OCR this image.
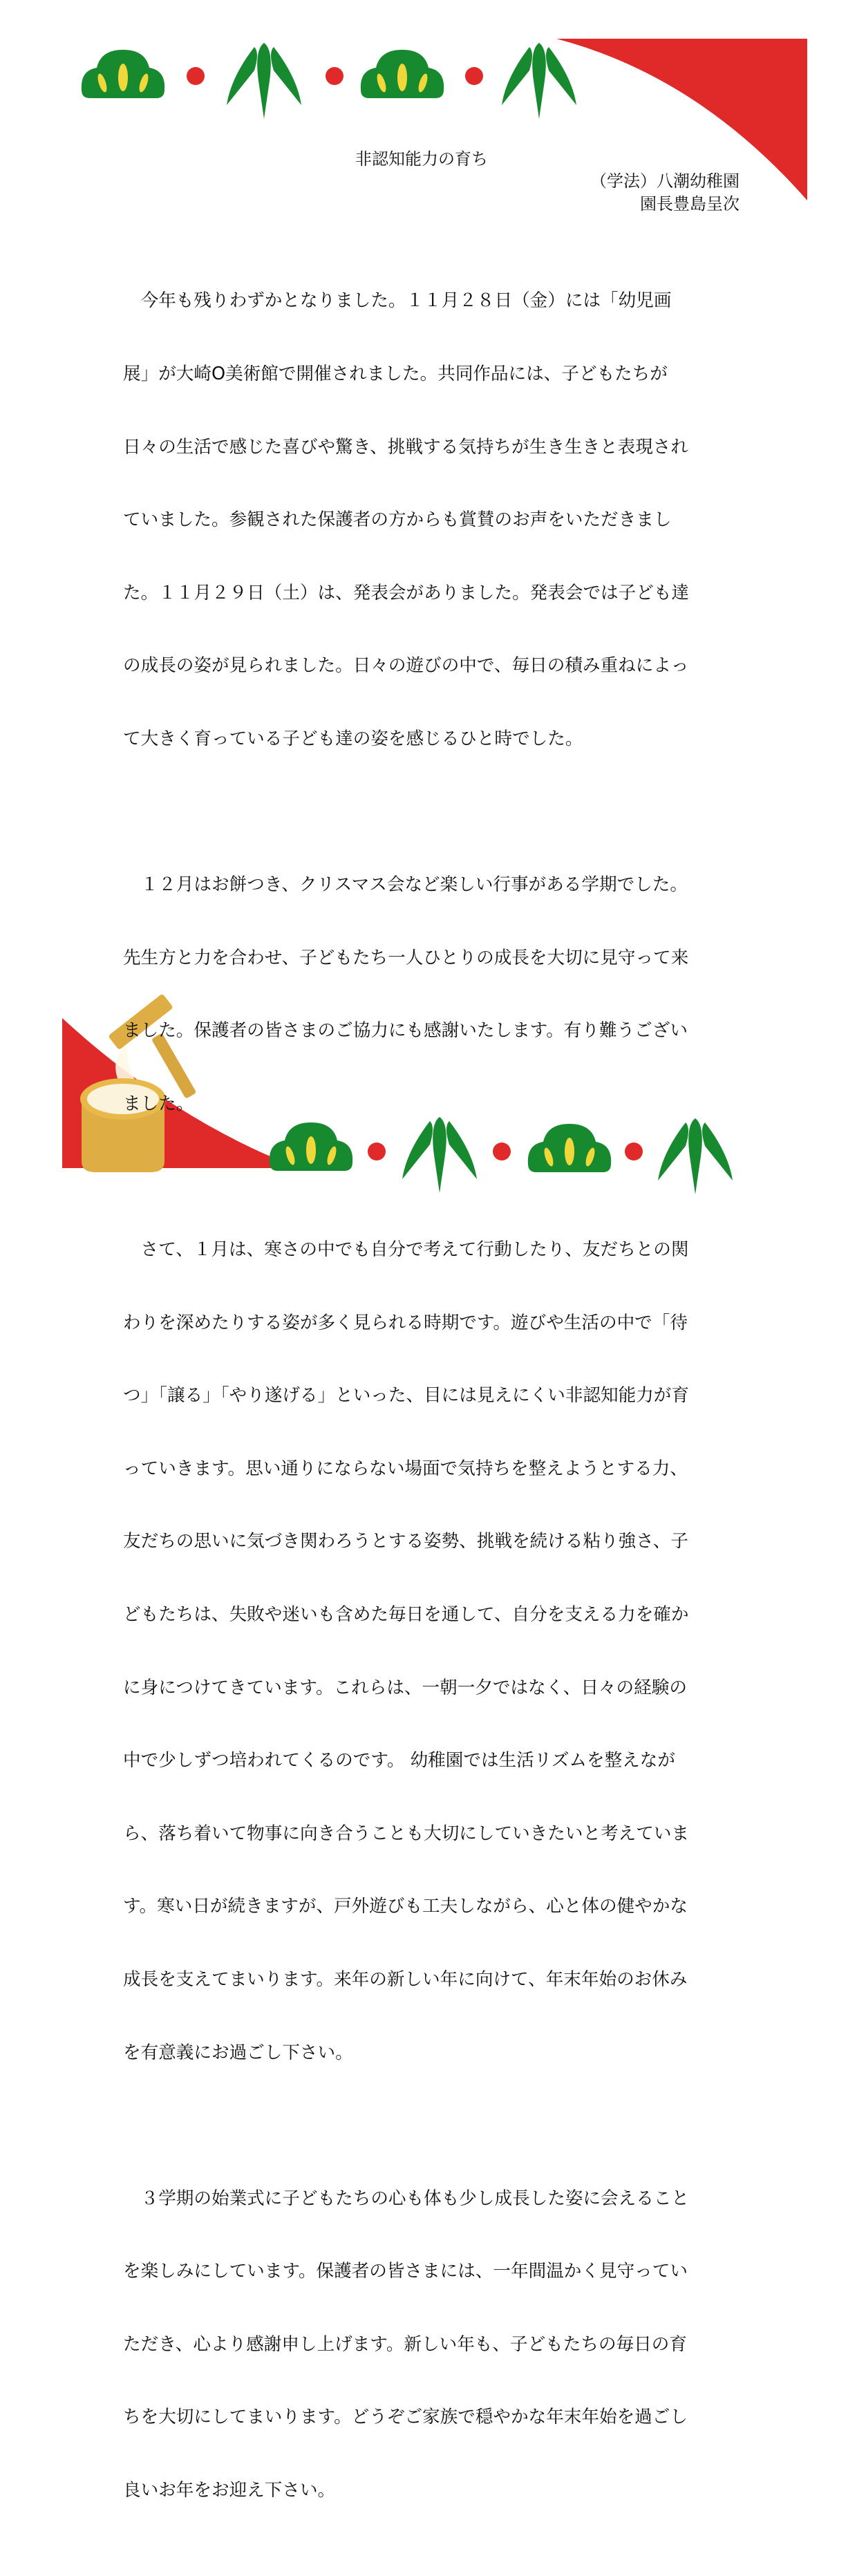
非認知能力の育ち
（学法）八潮幼稚園
園長豊島呈次

　今年も残りわずかとなりました。１１月２８日（金）には「幼児画

展」が大崎O美術館で開催されました。共同作品には、子どもたちが

日々の生活で感じた喜びや驚き、挑戦する気持ちが生き生きと表現され

ていました。参観された保護者の方からも賞賛のお声をいただきまし

た。１１月２９日（土）は、発表会がありました。発表会では子ども達

の成長の姿が見られました。日々の遊びの中で、毎日の積み重ねによっ

て大きく育っている子ども達の姿を感じるひと時でした。

　１２月はお餅つき、クリスマス会など楽しい行事がある学期でした。

先生方と力を合わせ、子どもたち一人ひとりの成長を大切に見守って来

ました。保護者の皆さまのご協力にも感謝いたします。有り難うござい

ました。

　さて、１月は、寒さの中でも自分で考えて行動したり、友だちとの関

わりを深めたりする姿が多く見られる時期です。遊びや生活の中で「待

つ」「譲る」「やり遂げる」といった、目には見えにくい非認知能力が育

っていきます。思い通りにならない場面で気持ちを整えようとする力、

友だちの思いに気づき関わろうとする姿勢、挑戦を続ける粘り強さ、子

どもたちは、失敗や迷いも含めた毎日を通して、自分を支える力を確か

に身につけてきています。これらは、一朝一夕ではなく、日々の経験の

中で少しずつ培われてくるのです。 幼稚園では生活リズムを整えなが

ら、落ち着いて物事に向き合うことも大切にしていきたいと考えていま

す。寒い日が続きますが、戸外遊びも工夫しながら、心と体の健やかな

成長を支えてまいります。来年の新しい年に向けて、年末年始のお休み

を有意義にお過ごし下さい。

　３学期の始業式に子どもたちの心も体も少し成長した姿に会えること

を楽しみにしています。保護者の皆さまには、一年間温かく見守ってい

ただき、心より感謝申し上げます。新しい年も、子どもたちの毎日の育

ちを大切にしてまいります。どうぞご家族で穏やかな年末年始を過ごし

良いお年をお迎え下さい。
